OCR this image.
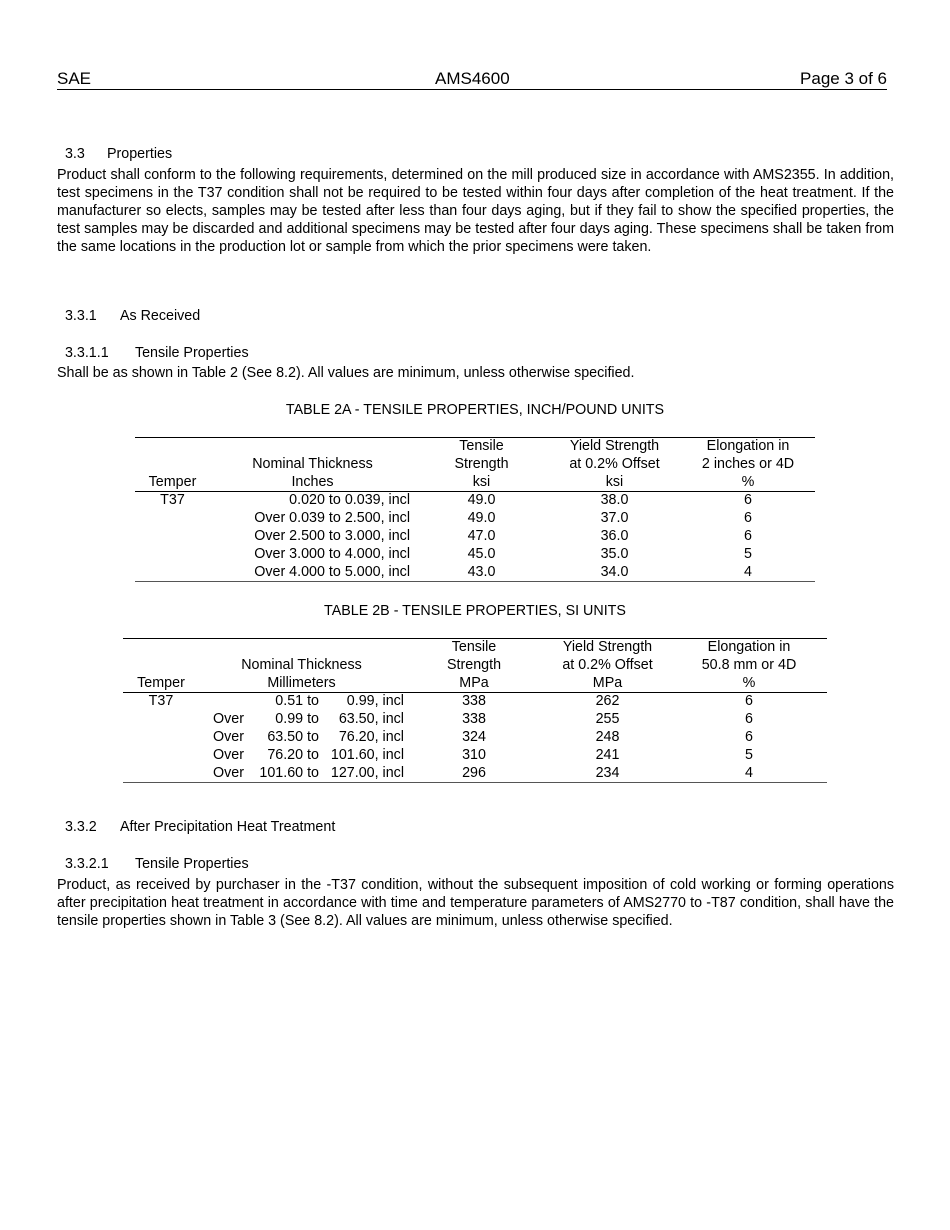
SAE	AMS4600	Page 3 of 6

3.3 Properties

Product shall conform to the following requirements, determined on the mill produced size in accordance with AMS2355. In addition, test specimens in the T37 condition shall not be required to be tested within four days after completion of the heat treatment. If the manufacturer so elects, samples may be tested after less than four days aging, but if they fail to show the specified properties, the test samples may be discarded and additional specimens may be tested after four days aging. These specimens shall be taken from the same locations in the production lot or sample from which the prior specimens were taken.

3.3.1 As Received

3.3.1.1 Tensile Properties

Shall be as shown in Table 2 (See 8.2). All values are minimum, unless otherwise specified.
TABLE 2A - TENSILE PROPERTIES, INCH/POUND UNITS
		Tensile	Yield Strength	Elongation in
	Nominal Thickness	Strength	at 0.2% Offset	2 inches or 4D
Temper	Inches	ksi	ksi	%
T37	0.020 to 0.039, incl	49.0	38.0	6
	Over 0.039 to 2.500, incl	49.0	37.0	6
	Over 2.500 to 3.000, incl	47.0	36.0	6
	Over 3.000 to 4.000, incl	45.0	35.0	5
	Over 4.000 to 5.000, incl	43.0	34.0	4
TABLE 2B - TENSILE PROPERTIES, SI UNITS
				Tensile	Yield Strength	Elongation in
	Nominal Thickness			Strength	at 0.2% Offset	50.8 mm or 4D
Temper	Millimeters			MPa	MPa	%
T37		0.51 to	0.99, incl	338	262	6
	Over	0.99 to	63.50, incl	338	255	6
	Over	63.50 to	76.20, incl	324	248	6
	Over	76.20 to	101.60, incl	310	241	5
	Over	101.60 to	127.00, incl	296	234	4

3.3.2 After Precipitation Heat Treatment

3.3.2.1 Tensile Properties

Product, as received by purchaser in the -T37 condition, without the subsequent imposition of cold working or forming operations after precipitation heat treatment in accordance with time and temperature parameters of AMS2770 to -T87 condition, shall have the tensile properties shown in Table 3 (See 8.2). All values are minimum, unless otherwise specified.
